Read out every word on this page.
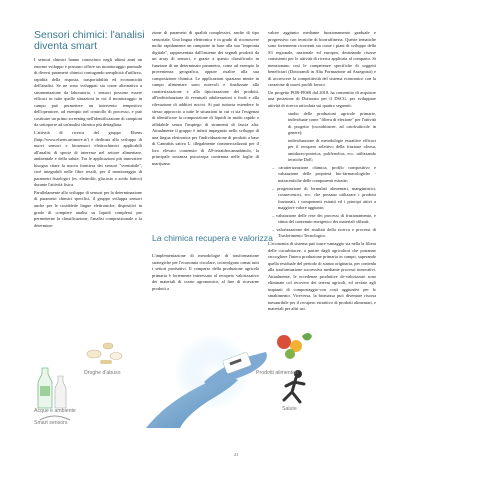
Sensori chimici: l'analisi
diventa smart

I sensori chimici hanno conosciuto negli ultimi anni un enorme sviluppo e possono offrire un monitoraggio puntuale di diversi parametri chimici coniugando semplicità d'utilizzo, rapidità della risposta, trasportabilità ed economicità dell'analisi. Se ne sono sviluppati sia come alternativa a strumentazione da laboratorio, i sensori possono essere efficaci in tutte quelle situazioni in cui il monitoraggio in campo può permettere un intervento tempestivo dell'operatore, ad esempio nel controllo di processo, e può costituire un primo screening nell'identificazione di campioni da sottoporre ad un'analisi chimica più dettagliata.

L'attività di ricerca del gruppo Elsens (http://www.elsens.unimore.it/) è dedicata allo sviluppo di nuovi sensori e biosensori elettrochimici applicabili all'analisi di specie di interesse nel settore alimentare, ambientale e della salute. Tra le applicazioni più innovative bisogna citare la nuova frontiera dei sensori "sventabile", cioè integrabili nelle fibre tessili, per il monitoraggio di parametri fisiologici (es. elettroliti, glucosio o acido lattico) durante l'attività fisica.

Parallelamente allo sviluppo di sensori per la determinazione di parametri chimici specifici, il gruppo sviluppa sensori anche per le cosiddette lingue elettroniche, dispositivi in grado di compiere analisi su liquidi complessi per permetterne la classificazione, l'analisi composizionale o la determina-

zione di parametri di qualità complessivi, anche di tipo sensoriale. Una lingua elettronica è in grado di riconoscere molto rapidamente un campione in base alla sua "impronta digitale", rappresentata dall'insieme dei segnali prodotti da un array di sensori, e grazie a questo classificarlo in funzione di un determinato parametro, come ad esempio la provenienza geografica, oppure risalire alla sua composizione chimica. Le applicazioni spaziano mente in campo alimentare sono notevoli e finalizzate alla caratterizzazione e alla tipicizzazione dei prodotti, all'individuazione di eventuali adulterazioni o frodi e alla rilevazione di additivi nocivi. Si può tuttavia estendere lo stesso approccio a tutte le situazioni in cui ci sia l'esigenza di identificare la composizione di liquidi in modo rapido e affidabile senza l'impiego di strumenti di fascia alta. Attualmente il gruppo è infatti impegnato nello sviluppo di una lingua elettronica per l'individuazione di prodotti a base di Cannabis sativa L. illegalmente commercializzati per il loro elevato contenuto di Δ9-tetraidrocannabinolo, la principale sostanza psicotropa contenuta nelle foglie di marijuana.

La chimica recupera e valorizza

L'implementazione di metodologie di trasformazione strategiche per l'economia circolare, coinvolgono ormai tutti i settori produttivi. Il comparto della produzione agricola primaria è fortemente interessato al recupero valorizzativo dei materiali di scarto agronomico, al fine di ricavarne prodotti a

valore aggiunto mediante funzionamento graduale e progressivo con tecniche di biorraffineria. Queste tematiche sono fortemente ricorrenti sia come i piani di sviluppo della S3 regionale, nazionale ed europea, destinando risorse consistenti per le attività di ricerca applicata al comparto. Si menzionano così le competenze specifiche di soggetti beneficiari (Dottorandi in Alta Formazione ad Assegnisti) e di accrescere la competitività del sistema economico con la creazione di nuovi profili lavoro.

Un progetto POR-FESR dal 2018, ha consentito di acquisire una posizione di Dottorato per il DSCG, per sviluppare attività di ricerca articolata sui quattro seguenti:

studio delle produzioni agricole primarie, individuate come "filiera di elezione" per l'attività di progetto (cucurbitacee, ad ortofrutticole in genere);

individuazione di metodologie estrattive efficaci per il recupero selettivo della frazione oleosa, amidaceo-proteica, polifenolica, ecc. utilizzando tecniche DoE;

– caratterizzazione chimica, profilo compositivo e valutazione delle proprietà bio-farmacologiche - nutraceutiche delle componenti estratte;

– progettazione di formulati alimentari, mangimistici, cosmeceutici, ecc. che possano utilizzare i prodotti frazionati, i componenti estratti ed i principi attivi a maggiore valore aggiunto;

– valutazione delle rese dei processi di frazionamento, e stima del contenuto energetico dei materiali sfibrati;

– valorizzazione dei risultati della ricerca e processi di Trasferimento Tecnologico.

L'economia di sistema può trarre vantaggio sia nella la filiera delle cucurbitacee, a partire dagli agricoltori che potranno raccogliere l'intera produzione primaria in campo, superando quella residuale del periodo di stanza originaria, per contenla alla trasformazione successiva mediante processi innovativi. Attualmente, le eccedenze produttive de-valorizzate sono eliminate col recovero dei terreni agricoli, ed avviate agli impianti di compostaggio-con costi aggiuntivi per lo smaltimento. Viceversa, la biomassa può diventare risorsa inesauribile per il recupero estrattivo di prodotti alimentari, e materiali per altri usi.

Droghe d'abuso	Prodotti alimentari
Acque e ambiente	Salute
Smart sensors
21
